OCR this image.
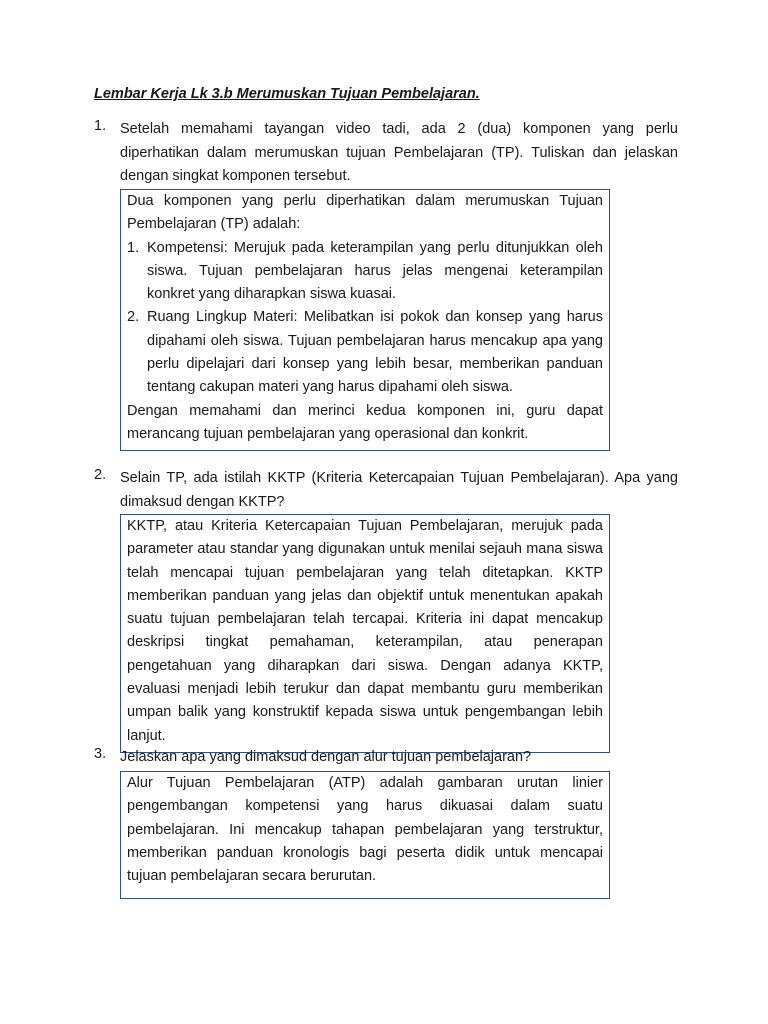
Lembar Kerja Lk 3.b Merumuskan Tujuan Pembelajaran.
1. Setelah memahami tayangan video tadi, ada 2 (dua) komponen yang perlu diperhatikan dalam merumuskan tujuan Pembelajaran (TP). Tuliskan dan jelaskan dengan singkat komponen tersebut.

Dua komponen yang perlu diperhatikan dalam merumuskan Tujuan Pembelajaran (TP) adalah:

1. Kompetensi: Merujuk pada keterampilan yang perlu ditunjukkan oleh siswa. Tujuan pembelajaran harus jelas mengenai keterampilan konkret yang diharapkan siswa kuasai.
2. Ruang Lingkup Materi: Melibatkan isi pokok dan konsep yang harus dipahami oleh siswa. Tujuan pembelajaran harus mencakup apa yang perlu dipelajari dari konsep yang lebih besar, memberikan panduan tentang cakupan materi yang harus dipahami oleh siswa.

Dengan memahami dan merinci kedua komponen ini, guru dapat merancang tujuan pembelajaran yang operasional dan konkrit.

2. Selain TP, ada istilah KKTP (Kriteria Ketercapaian Tujuan Pembelajaran). Apa yang dimaksud dengan KKTP?

KKTP, atau Kriteria Ketercapaian Tujuan Pembelajaran, merujuk pada parameter atau standar yang digunakan untuk menilai sejauh mana siswa telah mencapai tujuan pembelajaran yang telah ditetapkan. KKTP memberikan panduan yang jelas dan objektif untuk menentukan apakah suatu tujuan pembelajaran telah tercapai. Kriteria ini dapat mencakup deskripsi tingkat pemahaman, keterampilan, atau penerapan pengetahuan yang diharapkan dari siswa. Dengan adanya KKTP, evaluasi menjadi lebih terukur dan dapat membantu guru memberikan umpan balik yang konstruktif kepada siswa untuk pengembangan lebih lanjut.

3. Jelaskan apa yang dimaksud dengan alur tujuan pembelajaran?

Alur Tujuan Pembelajaran (ATP) adalah gambaran urutan linier pengembangan kompetensi yang harus dikuasai dalam suatu pembelajaran. Ini mencakup tahapan pembelajaran yang terstruktur, memberikan panduan kronologis bagi peserta didik untuk mencapai tujuan pembelajaran secara berurutan.
